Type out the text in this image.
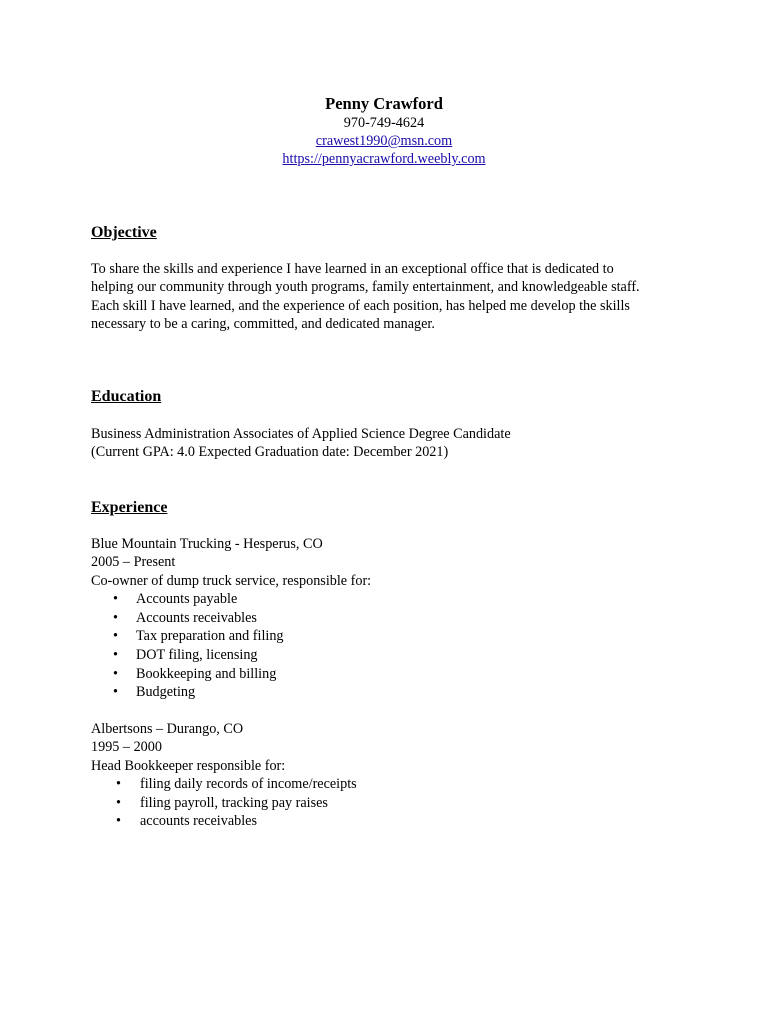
Penny Crawford
970-749-4624
crawest1990@msn.com
https://pennyacrawford.weebly.com
Objective
To share the skills and experience I have learned in an exceptional office that is dedicated to
helping our community through youth programs, family entertainment, and knowledgeable staff.
Each skill I have learned, and the experience of each position, has helped me develop the skills
necessary to be a caring, committed, and dedicated manager.
Education
Business Administration Associates of Applied Science Degree Candidate
(Current GPA: 4.0 Expected Graduation date: December 2021)
Experience
Blue Mountain Trucking - Hesperus, CO
2005 – Present
Co-owner of dump truck service, responsible for:
• Accounts payable
• Accounts receivables
• Tax preparation and filing
• DOT filing, licensing
• Bookkeeping and billing
• Budgeting
Albertsons – Durango, CO
1995 – 2000
Head Bookkeeper responsible for:
• filing daily records of income/receipts
• filing payroll, tracking pay raises
• accounts receivables
